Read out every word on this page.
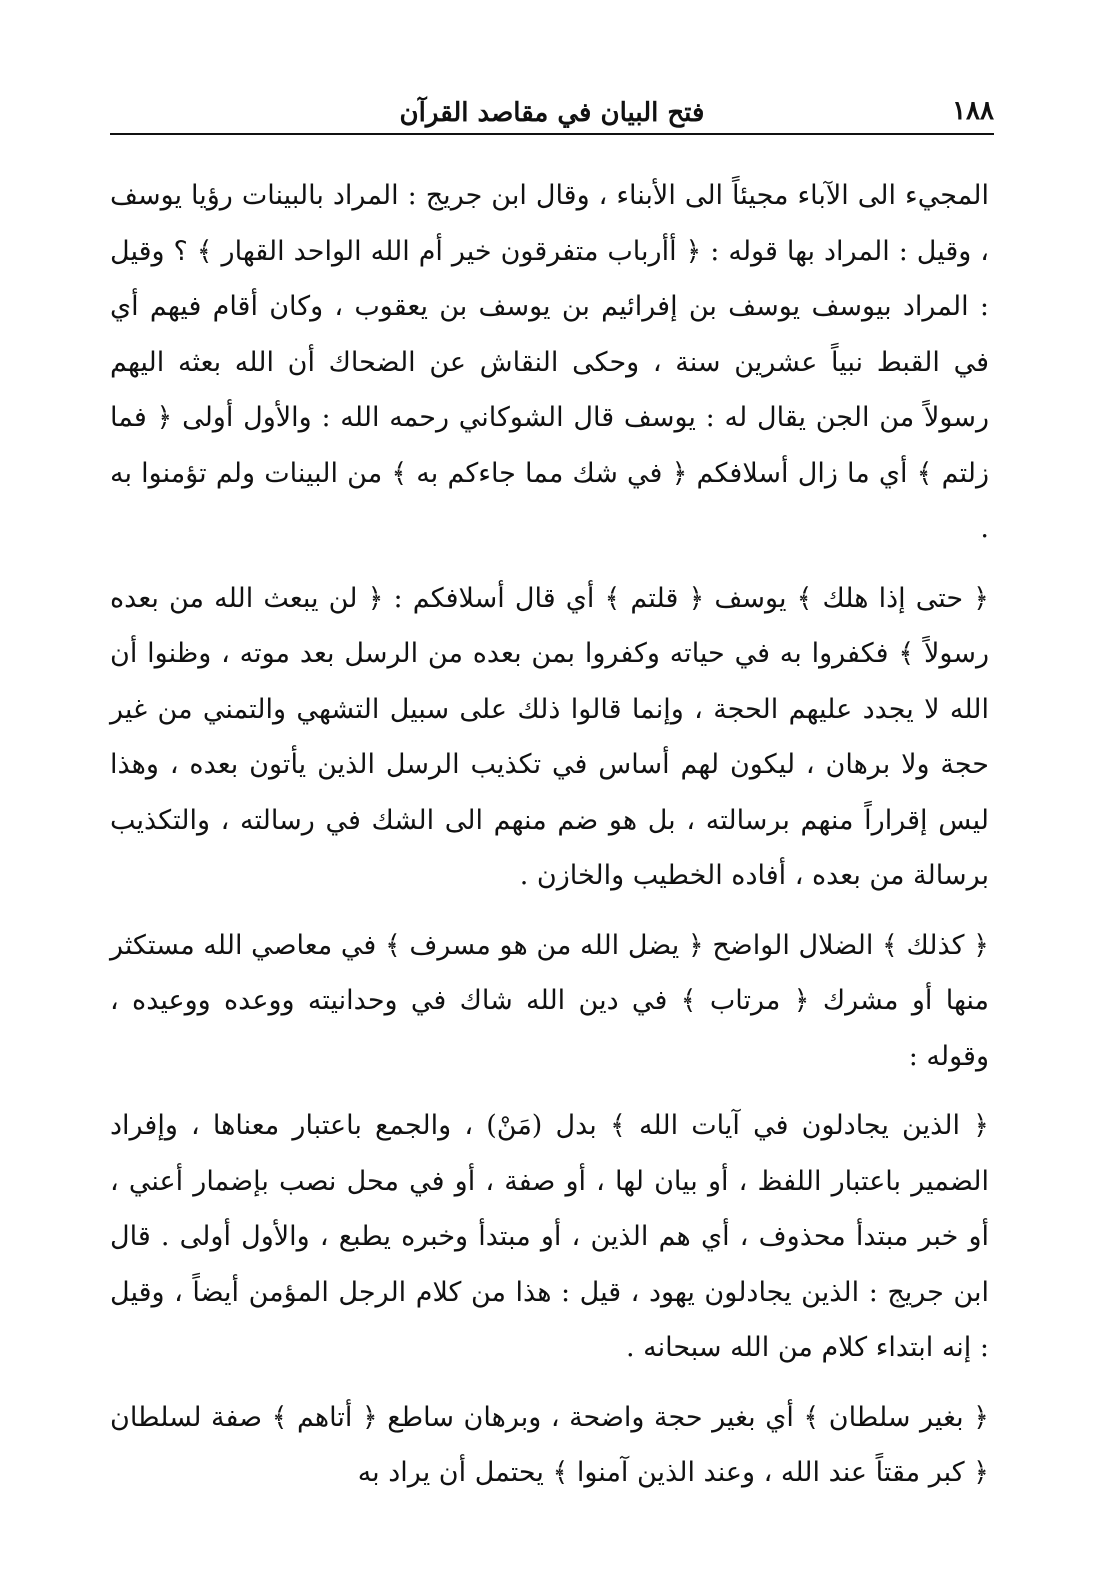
١٨٨
فتح البيان في مقاصد القرآن

المجيء الى الآباء مجيئاً الى الأبناء ، وقال ابن جريج : المراد بالبينات رؤيا يوسف ، وقيل : المراد بها قوله : ﴿ أأرباب متفرقون خير أم الله الواحد القهار ﴾ ؟ وقيل : المراد بيوسف يوسف بن إفرائيم بن يوسف بن يعقوب ، وكان أقام فيهم أي في القبط نبياً عشرين سنة ، وحكى النقاش عن الضحاك أن الله بعثه اليهم رسولاً من الجن يقال له : يوسف قال الشوكاني رحمه الله : والأول أولى ﴿ فما زلتم ﴾ أي ما زال أسلافكم ﴿ في شك مما جاءكم به ﴾ من البينات ولم تؤمنوا به .

﴿ حتى إذا هلك ﴾ يوسف ﴿ قلتم ﴾ أي قال أسلافكم : ﴿ لن يبعث الله من بعده رسولاً ﴾ فكفروا به في حياته وكفروا بمن بعده من الرسل بعد موته ، وظنوا أن الله لا يجدد عليهم الحجة ، وإنما قالوا ذلك على سبيل التشهي والتمني من غير حجة ولا برهان ، ليكون لهم أساس في تكذيب الرسل الذين يأتون بعده ، وهذا ليس إقراراً منهم برسالته ، بل هو ضم منهم الى الشك في رسالته ، والتكذيب برسالة من بعده ، أفاده الخطيب والخازن .

﴿ كذلك ﴾ الضلال الواضح ﴿ يضل الله من هو مسرف ﴾ في معاصي الله مستكثر منها أو مشرك ﴿ مرتاب ﴾ في دين الله شاك في وحدانيته ووعده ووعيده ، وقوله :

﴿ الذين يجادلون في آيات الله ﴾ بدل (مَنْ) ، والجمع باعتبار معناها ، وإفراد الضمير باعتبار اللفظ ، أو بيان لها ، أو صفة ، أو في محل نصب بإضمار أعني ، أو خبر مبتدأ محذوف ، أي هم الذين ، أو مبتدأ وخبره يطبع ، والأول أولى . قال ابن جريج : الذين يجادلون يهود ، قيل : هذا من كلام الرجل المؤمن أيضاً ، وقيل : إنه ابتداء كلام من الله سبحانه .

﴿ بغير سلطان ﴾ أي بغير حجة واضحة ، وبرهان ساطع ﴿ أتاهم ﴾ صفة لسلطان ﴿ كبر مقتاً عند الله ، وعند الذين آمنوا ﴾ يحتمل أن يراد به
